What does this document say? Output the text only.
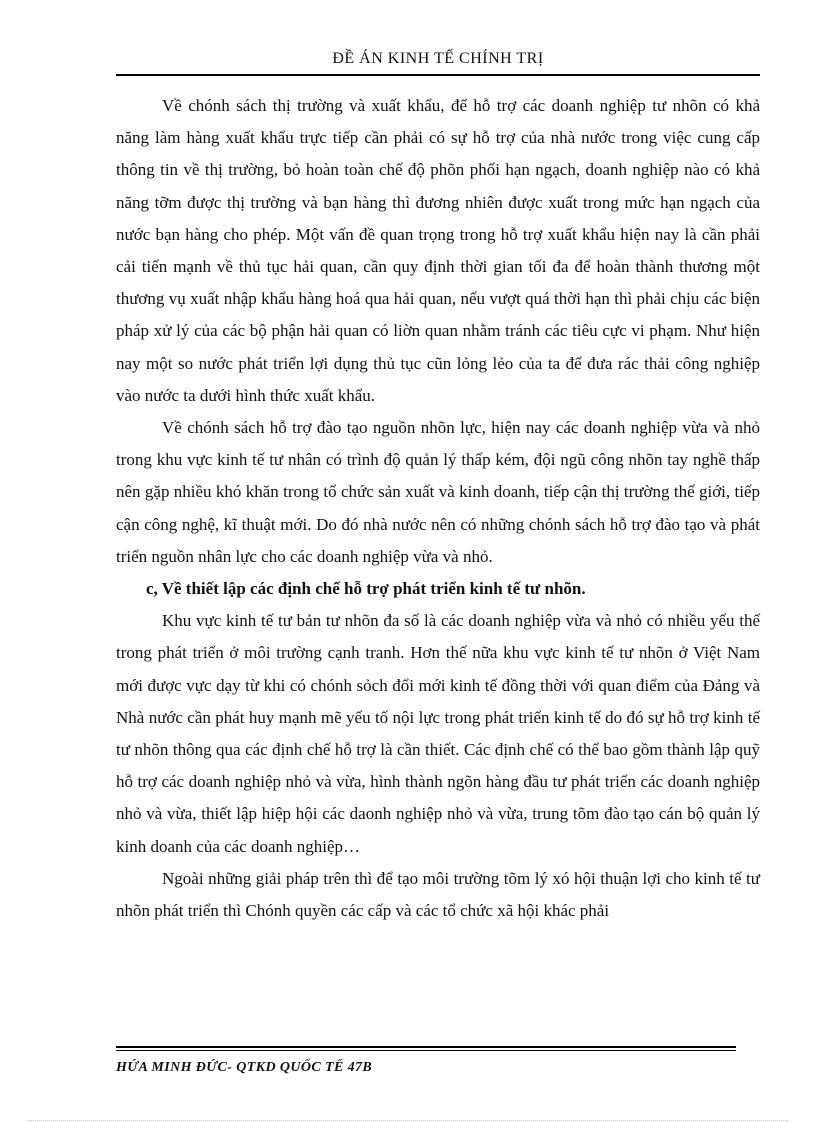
ĐỀ ÁN KINH TẾ CHÍNH TRỊ

Về chónh sách thị trường và xuất khẩu, để hỗ trợ các doanh nghiệp tư nhõn có khả năng làm hàng xuất khẩu trực tiếp cần phải có sự hỗ trợ của nhà nước trong việc cung cấp thông tin về thị trường, bỏ hoàn toàn chế độ phõn phối hạn ngạch, doanh nghiệp nào có khả năng tỡm được thị trường và bạn hàng thì đương nhiên được xuất trong mức hạn ngạch của nước bạn hàng cho phép. Một vấn đề quan trọng trong hỗ trợ xuất khẩu hiện nay là cần phải cải tiến mạnh về thủ tục hải quan, cần quy định thời gian tối đa để hoàn thành thương một thương vụ xuất nhập khẩu hàng hoá qua hải quan, nếu vượt quá thời hạn thì phải chịu các biện pháp xử lý của các bộ phận hải quan có liờn quan nhằm tránh các tiêu cực vi phạm. Như hiện nay một so nước phát triển lợi dụng thủ tục cũn lỏng lẻo của ta để đưa rác thải công nghiệp vào nước ta dưới hình thức xuất khẩu.

Về chónh sách hỗ trợ đào tạo nguồn nhõn lực, hiện nay các doanh nghiệp vừa và nhỏ trong khu vực kinh tế tư nhân có trình độ quản lý thấp kém, đội ngũ công nhõn tay nghề thấp nên gặp nhiều khó khăn trong tổ chức sản xuất và kinh doanh, tiếp cận thị trường thế giới, tiếp cận công nghệ, kĩ thuật mới. Do đó nhà nước nên có những chónh sách hỗ trợ đào tạo và phát triển nguồn nhân lực cho các doanh nghiệp vừa và nhỏ.

c, Về thiết lập các định chế hỗ trợ phát triển kinh tế tư nhõn.

Khu vực kinh tế tư bản tư nhõn đa số là các doanh nghiệp vừa và nhỏ có nhiều yếu thế trong phát triển ở môi trường cạnh tranh. Hơn thế nữa khu vực kinh tế tư nhõn ở Việt Nam mới được vực dạy từ khi có chónh sỏch đổi mới kinh tế đồng thời với quan điểm của Đảng và Nhà nước cần phát huy mạnh mẽ yếu tố nội lực trong phát triển kinh tế do đó sự hỗ trợ kinh tế tư nhõn thông qua các định chế hỗ trợ là cần thiết. Các định chế có thể bao gồm thành lập quỹ hỗ trợ các doanh nghiệp nhỏ và vừa, hình thành ngõn hàng đầu tư phát triển các doanh nghiệp nhỏ và vừa, thiết lập hiệp hội các daonh nghiệp nhỏ và vừa, trung tõm đào tạo cán bộ quản lý kinh doanh của các doanh nghiệp…

Ngoài những giải pháp trên thì để tạo môi trường tõm lý xó hội thuận lợi cho kinh tế tư nhõn phát triển thì Chónh quyền các cấp và các tổ chức xã hội khác phải

HỨA MINH ĐỨC- QTKD QUỐC TẾ 47B
